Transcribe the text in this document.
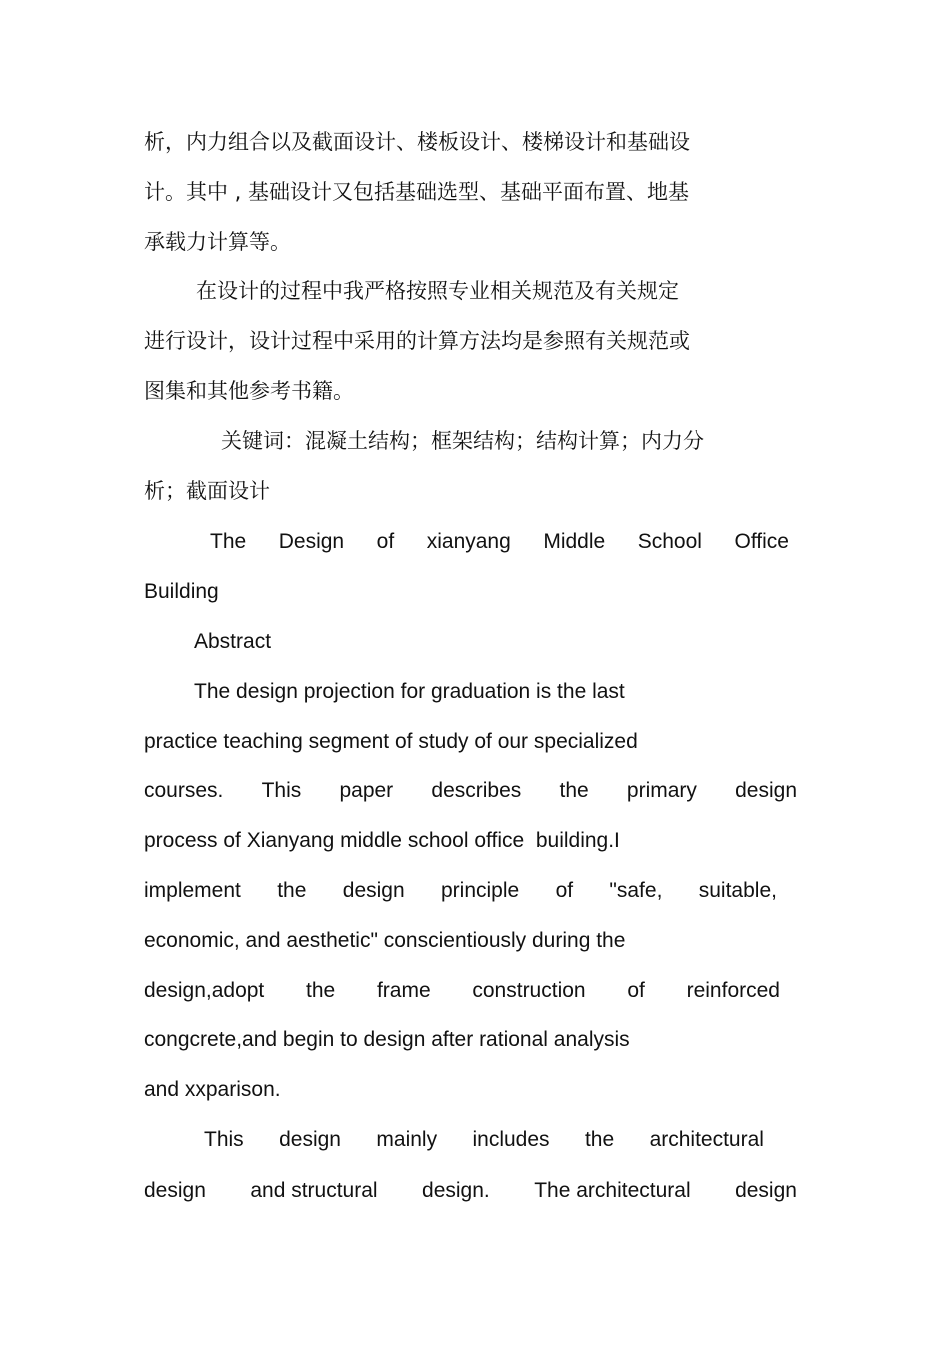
析，内力组合以及截面设计、楼板设计、楼梯设计和基础设
计。其中 , 基础设计又包括基础选型、基础平面布置、地基
承载力计算等。
在设计的过程中我严格按照专业相关规范及有关规定
进行设计，设计过程中采用的计算方法均是参照有关规范或
图集和其他参考书籍。
关键词：混凝土结构；框架结构；结构计算；内力分
析；截面设计
The Design of xianyang Middle School Office
Building
Abstract
The design projection for graduation is the last
practice teaching segment of study of our specialized
courses. This paper describes the primary design
process of Xianyang middle school office  building.I
implement the design principle of "safe, suitable,
economic, and aesthetic" conscientiously during the
design,adopt the frame construction of reinforced
congcrete,and begin to design after rational analysis
and xxparison.
This design mainly includes the architectural
design and structural design. The architectural design
